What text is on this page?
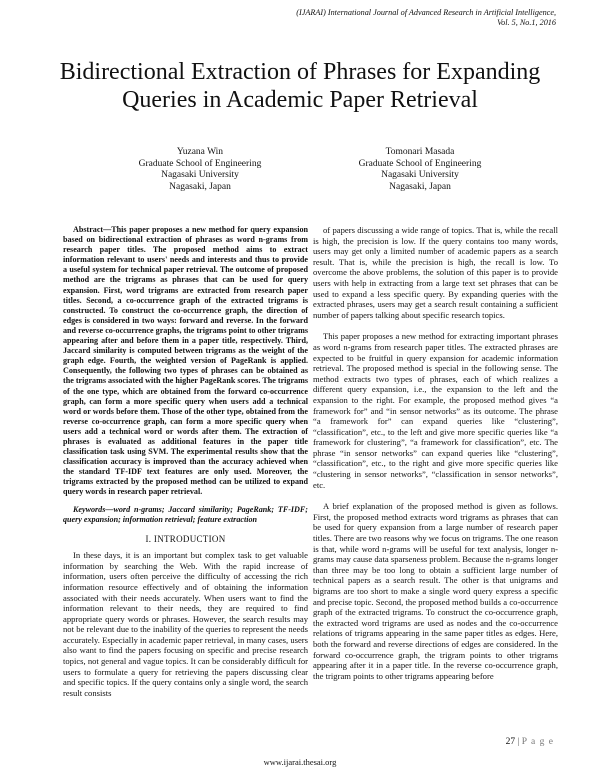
(IJARAI) International Journal of Advanced Research in Artificial Intelligence,
Vol. 5, No.1, 2016
Bidirectional Extraction of Phrases for Expanding
Queries in Academic Paper Retrieval
Yuzana Win
Graduate School of Engineering
Nagasaki University
Nagasaki, Japan
Tomonari Masada
Graduate School of Engineering
Nagasaki University
Nagasaki, Japan

Abstract—This paper proposes a new method for query expansion based on bidirectional extraction of phrases as word n-grams from research paper titles. The proposed method aims to extract information relevant to users' needs and interests and thus to provide a useful system for technical paper retrieval. The outcome of proposed method are the trigrams as phrases that can be used for query expansion. First, word trigrams are extracted from research paper titles. Second, a co-occurrence graph of the extracted trigrams is constructed. To construct the co-occurrence graph, the direction of edges is considered in two ways: forward and reverse. In the forward and reverse co-occurrence graphs, the trigrams point to other trigrams appearing after and before them in a paper title, respectively. Third, Jaccard similarity is computed between trigrams as the weight of the graph edge. Fourth, the weighted version of PageRank is applied. Consequently, the following two types of phrases can be obtained as the trigrams associated with the higher PageRank scores. The trigrams of the one type, which are obtained from the forward co-occurrence graph, can form a more specific query when users add a technical word or words before them. Those of the other type, obtained from the reverse co-occurrence graph, can form a more specific query when users add a technical word or words after them. The extraction of phrases is evaluated as additional features in the paper title classification task using SVM. The experimental results show that the classification accuracy is improved than the accuracy achieved when the standard TF-IDF text features are only used. Moreover, the trigrams extracted by the proposed method can be utilized to expand query words in research paper retrieval.

Keywords—word n-grams; Jaccard similarity; PageRank; TF-IDF; query expansion; information retrieval; feature extraction

I. INTRODUCTION

In these days, it is an important but complex task to get valuable information by searching the Web. With the rapid increase of information, users often perceive the difficulty of accessing the rich information resource effectively and of obtaining the information associated with their needs accurately. When users want to find the information relevant to their needs, they are required to find appropriate query words or phrases. However, the search results may not be relevant due to the inability of the queries to represent the needs accurately. Especially in academic paper retrieval, in many cases, users also want to find the papers focusing on specific and precise research topics, not general and vague topics. It can be considerably difficult for users to formulate a query for retrieving the papers discussing clear and specific topics. If the query contains only a single word, the search result consists

of papers discussing a wide range of topics. That is, while the recall is high, the precision is low. If the query contains too many words, users may get only a limited number of academic papers as a search result. That is, while the precision is high, the recall is low. To overcome the above problems, the solution of this paper is to provide users with help in extracting from a large text set phrases that can be used to expand a less specific query. By expanding queries with the extracted phrases, users may get a search result containing a sufficient number of papers talking about specific research topics.

This paper proposes a new method for extracting important phrases as word n-grams from research paper titles. The extracted phrases are expected to be fruitful in query expansion for academic information retrieval. The proposed method is special in the following sense. The method extracts two types of phrases, each of which realizes a different query expansion, i.e., the expansion to the left and the expansion to the right. For example, the proposed method gives “a framework for” and “in sensor networks” as its outcome. The phrase “a framework for” can expand queries like “clustering”, “classification”, etc., to the left and give more specific queries like “a framework for clustering”, “a framework for classification”, etc. The phrase “in sensor networks” can expand queries like “clustering”, “classification”, etc., to the right and give more specific queries like “clustering in sensor networks”, “classification in sensor networks”, etc.

A brief explanation of the proposed method is given as follows. First, the proposed method extracts word trigrams as phrases that can be used for query expansion from a large number of research paper titles. There are two reasons why we focus on trigrams. The one reason is that, while word n-grams will be useful for text analysis, longer n-grams may cause data sparseness problem. Because the n-grams longer than three may be too long to obtain a sufficient large number of technical papers as a search result. The other is that unigrams and bigrams are too short to make a single word query express a specific and precise topic. Second, the proposed method builds a co-occurrence graph of the extracted trigrams. To construct the co-occurrence graph, the extracted word trigrams are used as nodes and the co-occurrence relations of trigrams appearing in the same paper titles as edges. Here, both the forward and reverse directions of edges are considered. In the forward co-occurrence graph, the trigram points to other trigrams appearing after it in a paper title. In the reverse co-occurrence graph, the trigram points to other trigrams appearing before

27 | P a g e
www.ijarai.thesai.org
